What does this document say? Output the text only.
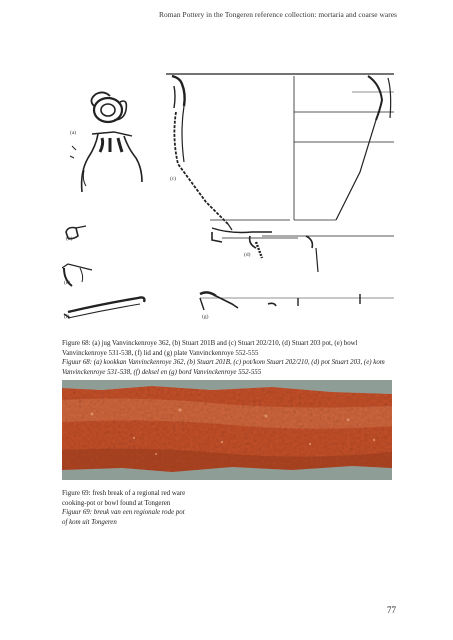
Roman Pottery in the Tongeren reference collection: mortaria and coarse wares
(a)
(b)
(c)
(d)
(e)
(f)	(g)

Figure 68: (a) jug Vanvinckenroye 362, (b) Stuart 201B and (c) Stuart 202/210, (d) Stuart 203 pot, (e) bowl Vanvinckenroye 531-538, (f) lid and (g) plate Vanvinckenroye 552-555

Figuur 68: (a) kookkan Vanvinckenroye 362, (b) Stuart 201B, (c) pot/kom Stuart 202/210, (d) pot Stuart 203, (e) kom Vanvinckenroye 531-538, (f) deksel en (g) bord Vanvinckenroye 552-555

Figure 69: fresh break of a regional red ware cooking-pot or bowl found at Tongeren

Figuur 69: breuk van een regionale rode pot of kom uit Tongeren

77
